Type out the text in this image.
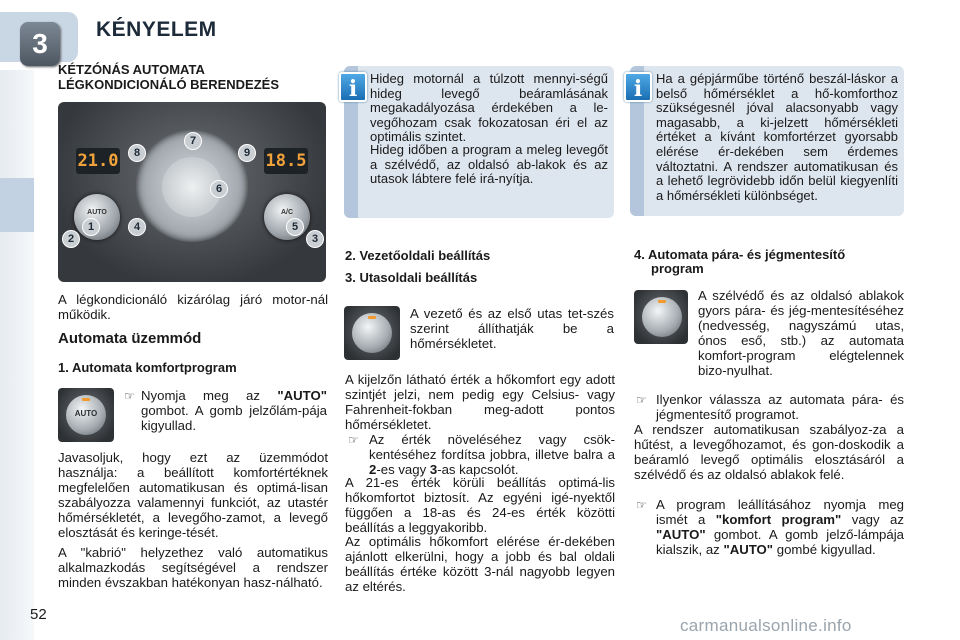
3	KÉNYELEM
KÉTZÓNÁS AUTOMATA
LÉGKONDICIONÁLÓ BERENDEZÉS
21.0	18.5
AUTO	A/C
7
8	9
6
1	4	5
2	3
A légkondicionáló kizárólag járó motor-nál működik.
Automata üzemmód
1. Automata komfortprogram
AUTO
☞ Nyomja meg az "AUTO" gombot. A gomb jelzőlám-pája kigyullad.
Javasoljuk, hogy ezt az üzemmódot használja: a beállított komfortértéknek megfelelően automatikusan és optimá-lisan szabályozza valamennyi funkciót, az utastér hőmérsékletét, a levegőho-zamot, a levegő elosztását és keringe-tését.
A "kabrió" helyzethez való automatikus alkalmazkodás segítségével a rendszer minden évszakban hatékonyan hasz-nálható.
i Hideg motornál a túlzott mennyi-ségű hideg levegő beáramlásának megakadályozása érdekében a le-vegőhozam csak fokozatosan éri el az optimális szintet.
Hideg időben a program a meleg levegőt a szélvédő, az oldalsó ab-lakok és az utasok lábtere felé irá-nyítja.
i	Ha a gépjárműbe történő beszál-láskor a belső hőmérséklet a hő-komforthoz szükségesnél jóval alacsonyabb vagy magasabb, a ki-jelzett hőmérsékleti értéket a kívánt komfortérzet gyorsabb elérése ér-dekében sem érdemes változtatni. A rendszer automatikusan és a lehető legrövidebb időn belül kiegyenlíti a hőmérsékleti különbséget.
2. Vezetőoldali beállítás
3. Utasoldali beállítás
A vezető és az első utas tet-szés szerint állíthatják be a hőmérsékletet.
A kijelzőn látható érték a hőkomfort egy adott szintjét jelzi, nem pedig egy Celsius- vagy Fahrenheit-fokban meg-adott pontos hőmérsékletet.
☞ Az érték növeléséhez vagy csök-kentéséhez fordítsa jobbra, illetve balra a 2-es vagy 3-as kapcsolót.
A 21-es érték körüli beállítás optimá-lis hőkomfortot biztosít. Az egyéni igé-nyektől függően a 18-as és 24-es érték közötti beállítás a leggyakoribb.
Az optimális hőkomfort elérése ér-dekében ajánlott elkerülni, hogy a jobb és bal oldali beállítás értéke között 3-nál nagyobb legyen az eltérés.
4. Automata pára- és jégmentesítő
program
A szélvédő és az oldalsó ablakok gyors pára- és jég-mentesítéséhez (nedvesség, nagyszámú utas, ónos eső, stb.) az automata komfort-program elégtelennek bizo-nyulhat.
☞ Ilyenkor válassza az automata pára- és jégmentesítő programot.
A rendszer automatikusan szabályoz-za a hűtést, a levegőhozamot, és gon-doskodik a beáramló levegő optimális elosztásáról a szélvédő és az oldalsó ablakok felé.
☞ A program leállításához nyomja meg ismét a "komfort program" vagy az "AUTO" gombot. A gomb jelző-lámpája kialszik, az "AUTO" gombé kigyullad.
52
carmanualsonline.info
